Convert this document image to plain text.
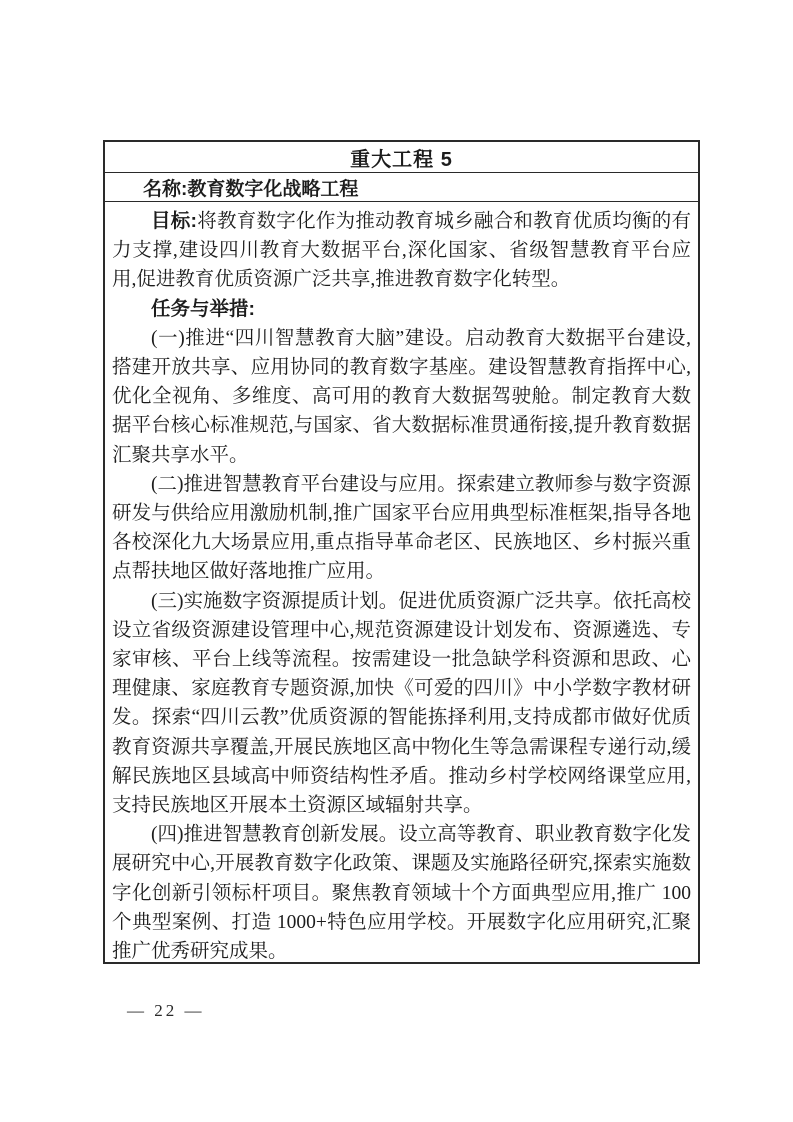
重大工程 5
名称:教育数字化战略工程

目标:将教育数字化作为推动教育城乡融合和教育优质均衡的有力支撑,建设四川教育大数据平台,深化国家、省级智慧教育平台应用,促进教育优质资源广泛共享,推进教育数字化转型。

任务与举措:

(一)推进“四川智慧教育大脑”建设。启动教育大数据平台建设,搭建开放共享、应用协同的教育数字基座。建设智慧教育指挥中心,优化全视角、多维度、高可用的教育大数据驾驶舱。制定教育大数据平台核心标准规范,与国家、省大数据标准贯通衔接,提升教育数据汇聚共享水平。

(二)推进智慧教育平台建设与应用。探索建立教师参与数字资源研发与供给应用激励机制,推广国家平台应用典型标准框架,指导各地各校深化九大场景应用,重点指导革命老区、民族地区、乡村振兴重点帮扶地区做好落地推广应用。

(三)实施数字资源提质计划。促进优质资源广泛共享。依托高校设立省级资源建设管理中心,规范资源建设计划发布、资源遴选、专家审核、平台上线等流程。按需建设一批急缺学科资源和思政、心理健康、家庭教育专题资源,加快《可爱的四川》中小学数字教材研发。探索“四川云教”优质资源的智能拣择利用,支持成都市做好优质教育资源共享覆盖,开展民族地区高中物化生等急需课程专递行动,缓解民族地区县域高中师资结构性矛盾。推动乡村学校网络课堂应用,支持民族地区开展本土资源区域辐射共享。

(四)推进智慧教育创新发展。设立高等教育、职业教育数字化发展研究中心,开展教育数字化政策、课题及实施路径研究,探索实施数字化创新引领标杆项目。聚焦教育领域十个方面典型应用,推广 100 个典型案例、打造 1000+特色应用学校。开展数字化应用研究,汇聚推广优秀研究成果。

— 22 —
